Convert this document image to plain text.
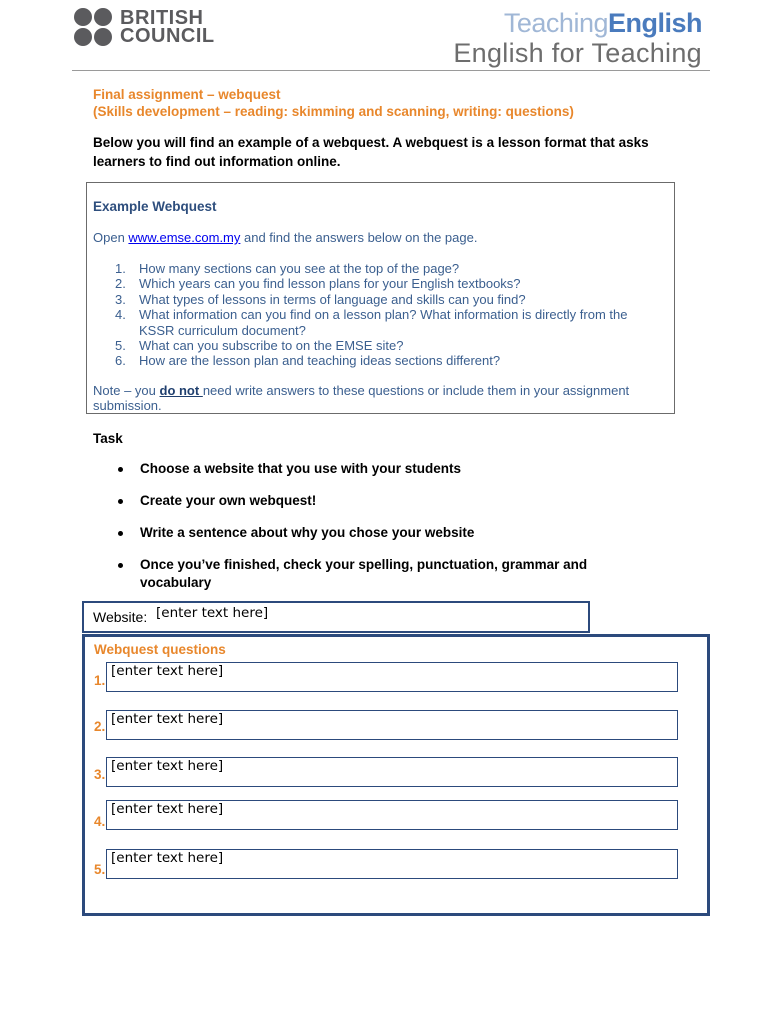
BRITISH
COUNCIL	TeachingEnglish
English for Teaching
Final assignment – webquest
(Skills development – reading: skimming and scanning, writing: questions)
Below you will find an example of a webquest. A webquest is a lesson format that asks learners to find out information online.
Example Webquest
Open www.emse.com.my and find the answers below on the page.
1. How many sections can you see at the top of the page?
2. Which years can you find lesson plans for your English textbooks?
3. What types of lessons in terms of language and skills can you find?
4. What information can you find on a lesson plan? What information is directly from the KSSR curriculum document?
5. What can you subscribe to on the EMSE site?
6. How are the lesson plan and teaching ideas sections different?
Note – you do not need write answers to these questions or include them in your assignment submission.
Task
Choose a website that you use with your students
Create your own webquest!
Write a sentence about why you chose your website
Once you’ve finished, check your spelling, punctuation, grammar and vocabulary
Website: [enter text here]
Webquest questions
1.
[enter text here]
2. [enter text here]
3.
[enter text here]
4.
[enter text here]
5.
[enter text here]
